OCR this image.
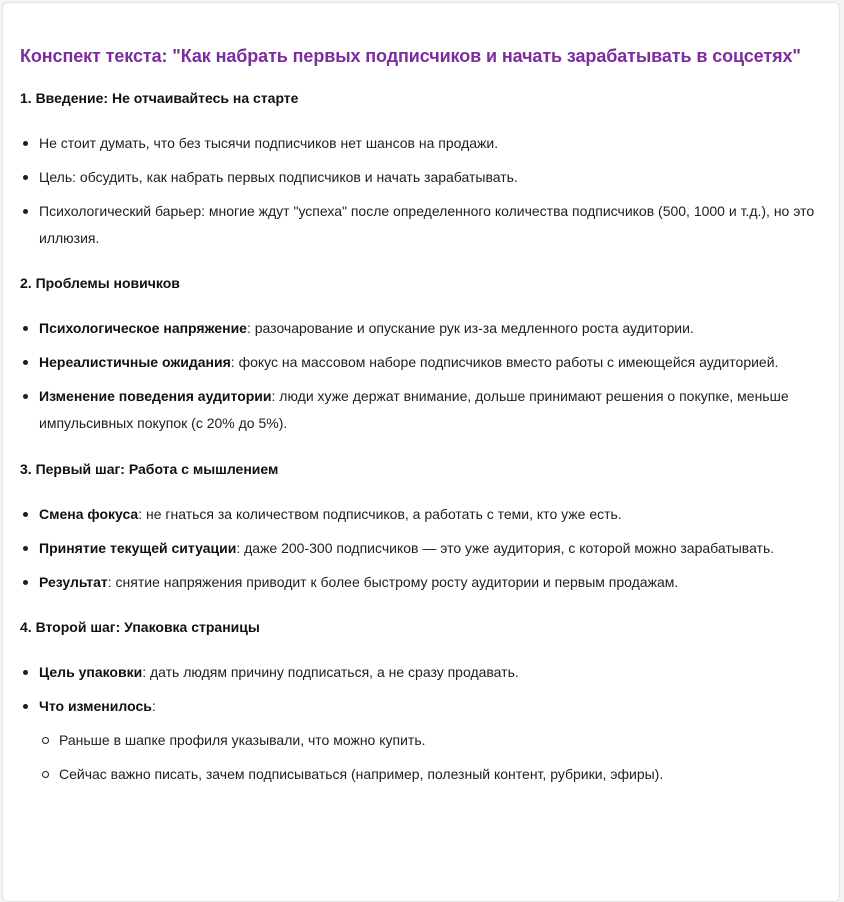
Конспект текста: "Как набрать первых подписчиков и начать зарабатывать в соцсетях"
1. Введение: Не отчаивайтесь на старте
Не стоит думать, что без тысячи подписчиков нет шансов на продажи.
Цель: обсудить, как набрать первых подписчиков и начать зарабатывать.
Психологический барьер: многие ждут "успеха" после определенного количества подписчиков (500, 1000 и т.д.), но это иллюзия.
2. Проблемы новичков
Психологическое напряжение: разочарование и опускание рук из-за медленного роста аудитории.
Нереалистичные ожидания: фокус на массовом наборе подписчиков вместо работы с имеющейся аудиторией.
Изменение поведения аудитории: люди хуже держат внимание, дольше принимают решения о покупке, меньше импульсивных покупок (с 20% до 5%).
3. Первый шаг: Работа с мышлением
Смена фокуса: не гнаться за количеством подписчиков, а работать с теми, кто уже есть.
Принятие текущей ситуации: даже 200-300 подписчиков — это уже аудитория, с которой можно зарабатывать.
Результат: снятие напряжения приводит к более быстрому росту аудитории и первым продажам.
4. Второй шаг: Упаковка страницы
Цель упаковки: дать людям причину подписаться, а не сразу продавать.
Что изменилось:
Раньше в шапке профиля указывали, что можно купить.
Сейчас важно писать, зачем подписываться (например, полезный контент, рубрики, эфиры).
